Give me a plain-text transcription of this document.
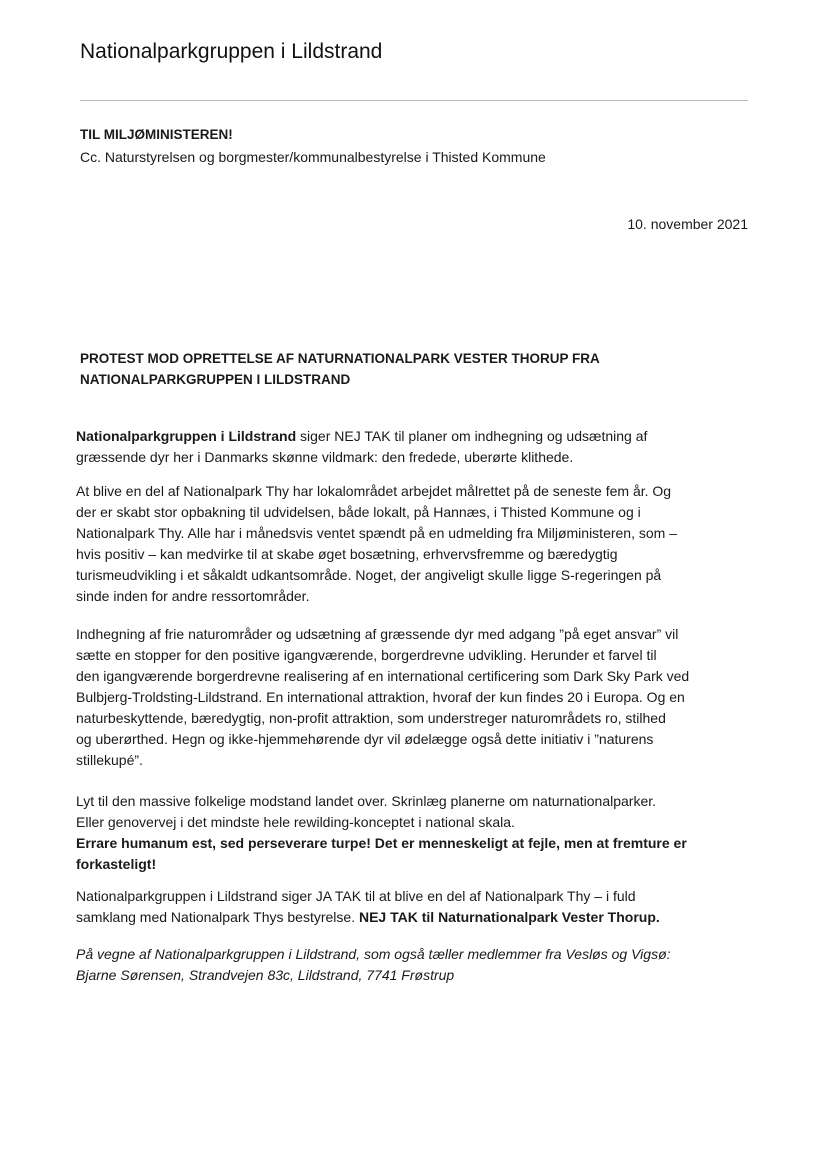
Nationalparkgruppen i Lildstrand
TIL MILJØMINISTEREN!
Cc. Naturstyrelsen og borgmester/kommunalbestyrelse i Thisted Kommune
10. november 2021
PROTEST MOD OPRETTELSE AF NATURNATIONALPARK VESTER THORUP FRA
NATIONALPARKGRUPPEN I LILDSTRAND

Nationalparkgruppen i Lildstrand siger NEJ TAK til planer om indhegning og udsætning af

græssende dyr her i Danmarks skønne vildmark: den fredede, uberørte klithede.

At blive en del af Nationalpark Thy har lokalområdet arbejdet målrettet på de seneste fem år. Og

der er skabt stor opbakning til udvidelsen, både lokalt, på Hannæs, i Thisted Kommune og i

Nationalpark Thy. Alle har i månedsvis ventet spændt på en udmelding fra Miljøministeren, som –

hvis positiv – kan medvirke til at skabe øget bosætning, erhvervsfremme og bæredygtig

turismeudvikling i et såkaldt udkantsområde. Noget, der angiveligt skulle ligge S-regeringen på

sinde inden for andre ressortområder.

Indhegning af frie naturområder og udsætning af græssende dyr med adgang ”på eget ansvar” vil

sætte en stopper for den positive igangværende, borgerdrevne udvikling. Herunder et farvel til

den igangværende borgerdrevne realisering af en international certificering som Dark Sky Park ved

Bulbjerg-Troldsting-Lildstrand. En international attraktion, hvoraf der kun findes 20 i Europa. Og en

naturbeskyttende, bæredygtig, non-profit attraktion, som understreger naturområdets ro, stilhed

og uberørthed. Hegn og ikke-hjemmehørende dyr vil ødelægge også dette initiativ i ”naturens

stillekupé”.

Lyt til den massive folkelige modstand landet over. Skrinlæg planerne om naturnationalparker.

Eller genovervej i det mindste hele rewilding-konceptet i national skala.

Errare humanum est, sed perseverare turpe! Det er menneskeligt at fejle, men at fremture er

forkasteligt!

Nationalparkgruppen i Lildstrand siger JA TAK til at blive en del af Nationalpark Thy – i fuld

samklang med Nationalpark Thys bestyrelse. NEJ TAK til Naturnationalpark Vester Thorup.

På vegne af Nationalparkgruppen i Lildstrand, som også tæller medlemmer fra Vesløs og Vigsø:

Bjarne Sørensen, Strandvejen 83c, Lildstrand, 7741 Frøstrup
